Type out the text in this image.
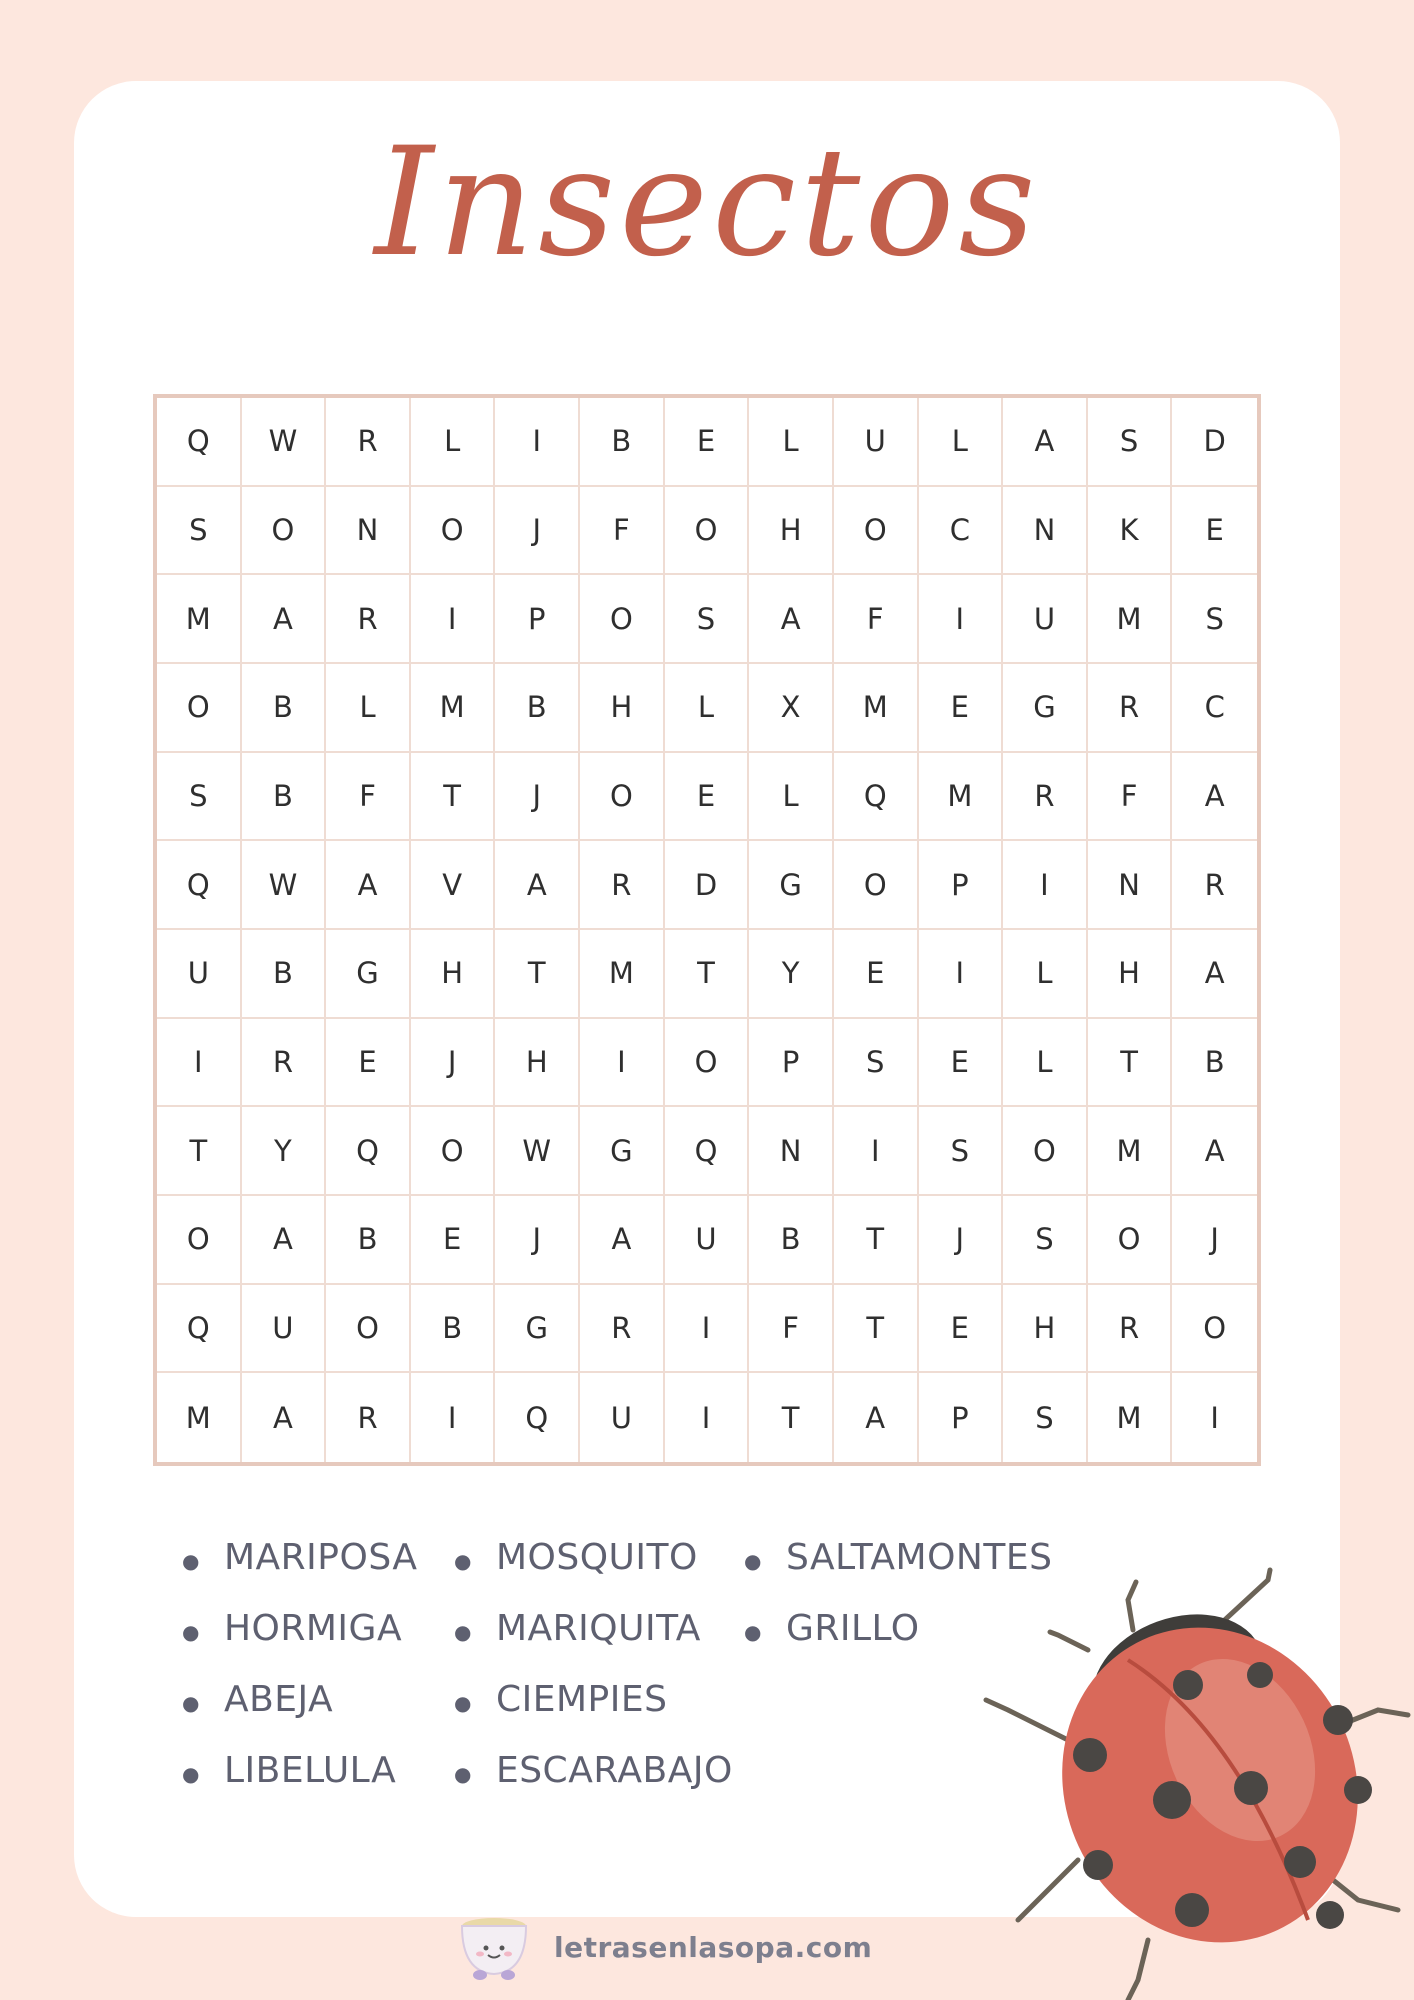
Insectos
Q	W	R	L	I	B	E	L	U	L	A	S	D
S	O	N	O	J	F	O	H	O	C	N	K	E
M	A	R	I	P	O	S	A	F	I	U	M	S
O	B	L	M	B	H	L	X	M	E	G	R	C
S	B	F	T	J	O	E	L	Q	M	R	F	A
Q	W	A	V	A	R	D	G	O	P	I	N	R
U	B	G	H	T	M	T	Y	E	I	L	H	A
I	R	E	J	H	I	O	P	S	E	L	T	B
T	Y	Q	O	W	G	Q	N	I	S	O	M	A
O	A	B	E	J	A	U	B	T	J	S	O	J
Q	U	O	B	G	R	I	F	T	E	H	R	O
M	A	R	I	Q	U	I	T	A	P	S	M	I
● MARIPOSA
● HORMIGA
● ABEJA
● LIBELULA
● MOSQUITO
● MARIQUITA
● CIEMPIES
● ESCARABAJO
● SALTAMONTES
● GRILLO
letrasenlasopa.com
